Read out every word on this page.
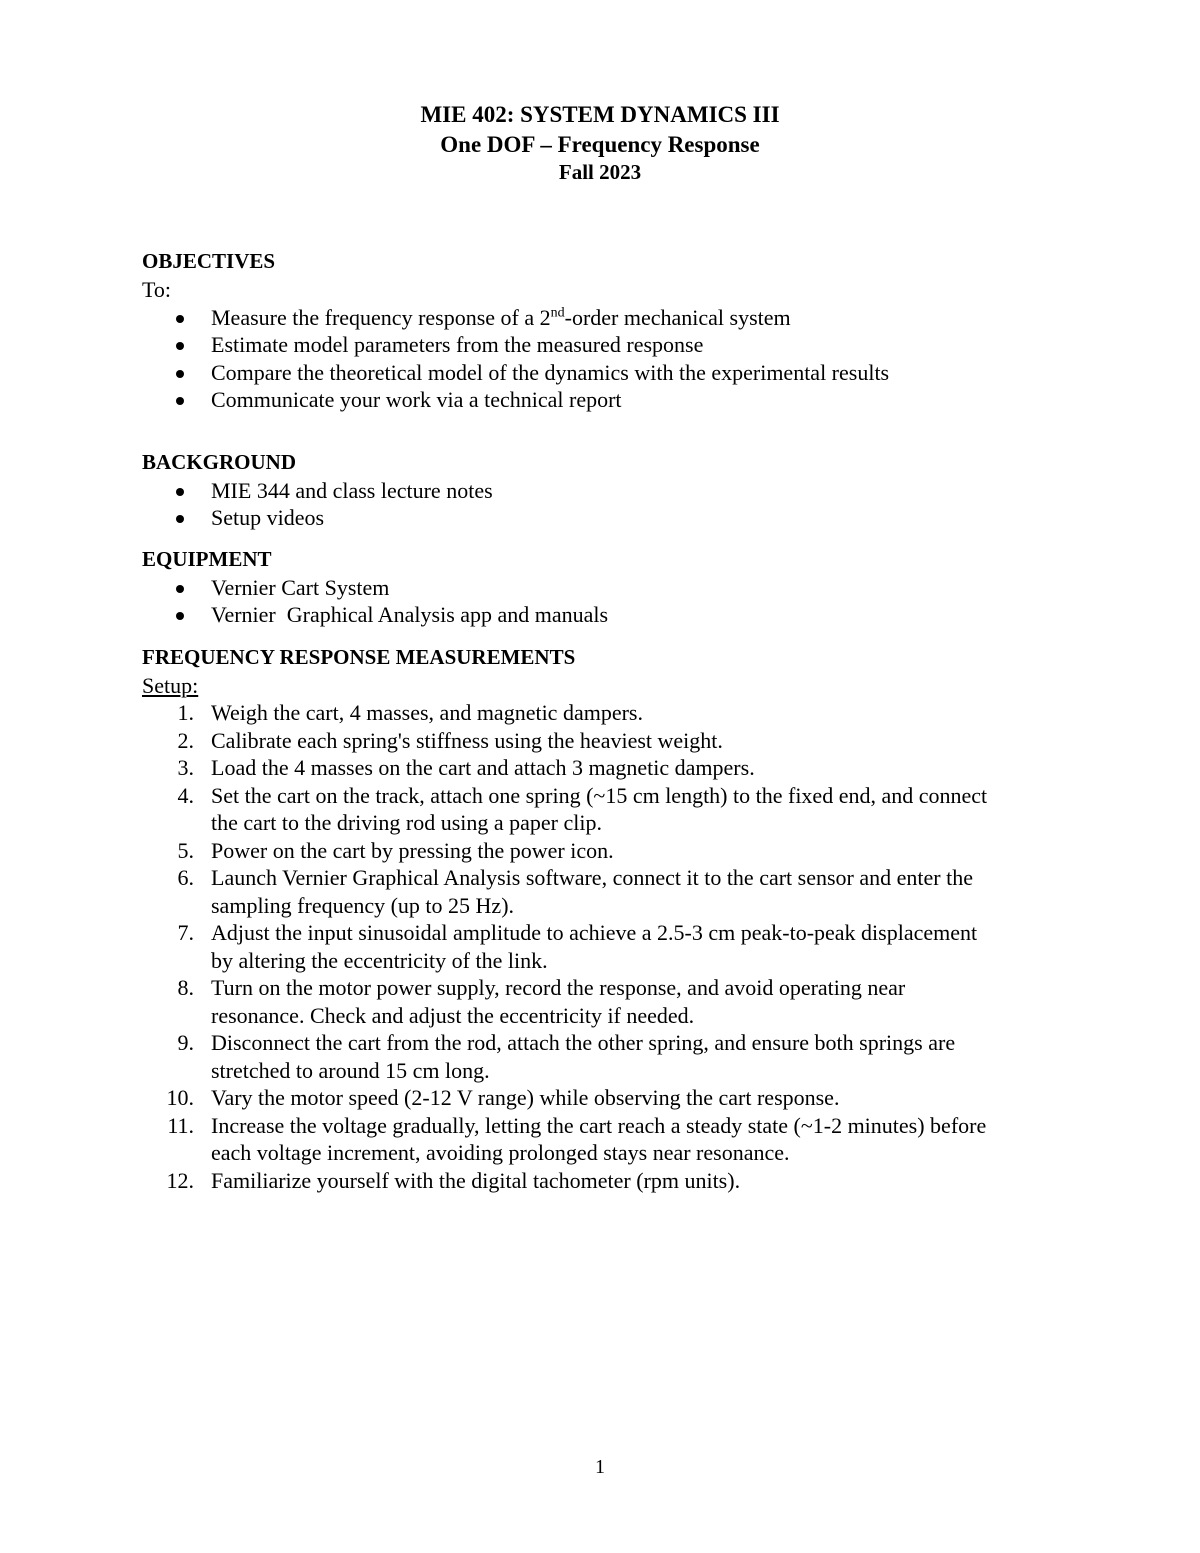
MIE 402: SYSTEM DYNAMICS III
One DOF – Frequency Response
Fall 2023
OBJECTIVES
To:
Measure the frequency response of a 2nd-order mechanical system
Estimate model parameters from the measured response
Compare the theoretical model of the dynamics with the experimental results
Communicate your work via a technical report
BACKGROUND
MIE 344 and class lecture notes
Setup videos
EQUIPMENT
Vernier Cart System
Vernier  Graphical Analysis app and manuals
FREQUENCY RESPONSE MEASUREMENTS
Setup:
1. Weigh the cart, 4 masses, and magnetic dampers.
2. Calibrate each spring's stiffness using the heaviest weight.
3. Load the 4 masses on the cart and attach 3 magnetic dampers.
4. Set the cart on the track, attach one spring (~15 cm length) to the fixed end, and connect
the cart to the driving rod using a paper clip.
5. Power on the cart by pressing the power icon.
6. Launch Vernier Graphical Analysis software, connect it to the cart sensor and enter the
sampling frequency (up to 25 Hz).
7. Adjust the input sinusoidal amplitude to achieve a 2.5-3 cm peak-to-peak displacement
by altering the eccentricity of the link.
8. Turn on the motor power supply, record the response, and avoid operating near
resonance. Check and adjust the eccentricity if needed.
9. Disconnect the cart from the rod, attach the other spring, and ensure both springs are
stretched to around 15 cm long.
10. Vary the motor speed (2-12 V range) while observing the cart response.
11. Increase the voltage gradually, letting the cart reach a steady state (~1-2 minutes) before
each voltage increment, avoiding prolonged stays near resonance.
12. Familiarize yourself with the digital tachometer (rpm units).
1
